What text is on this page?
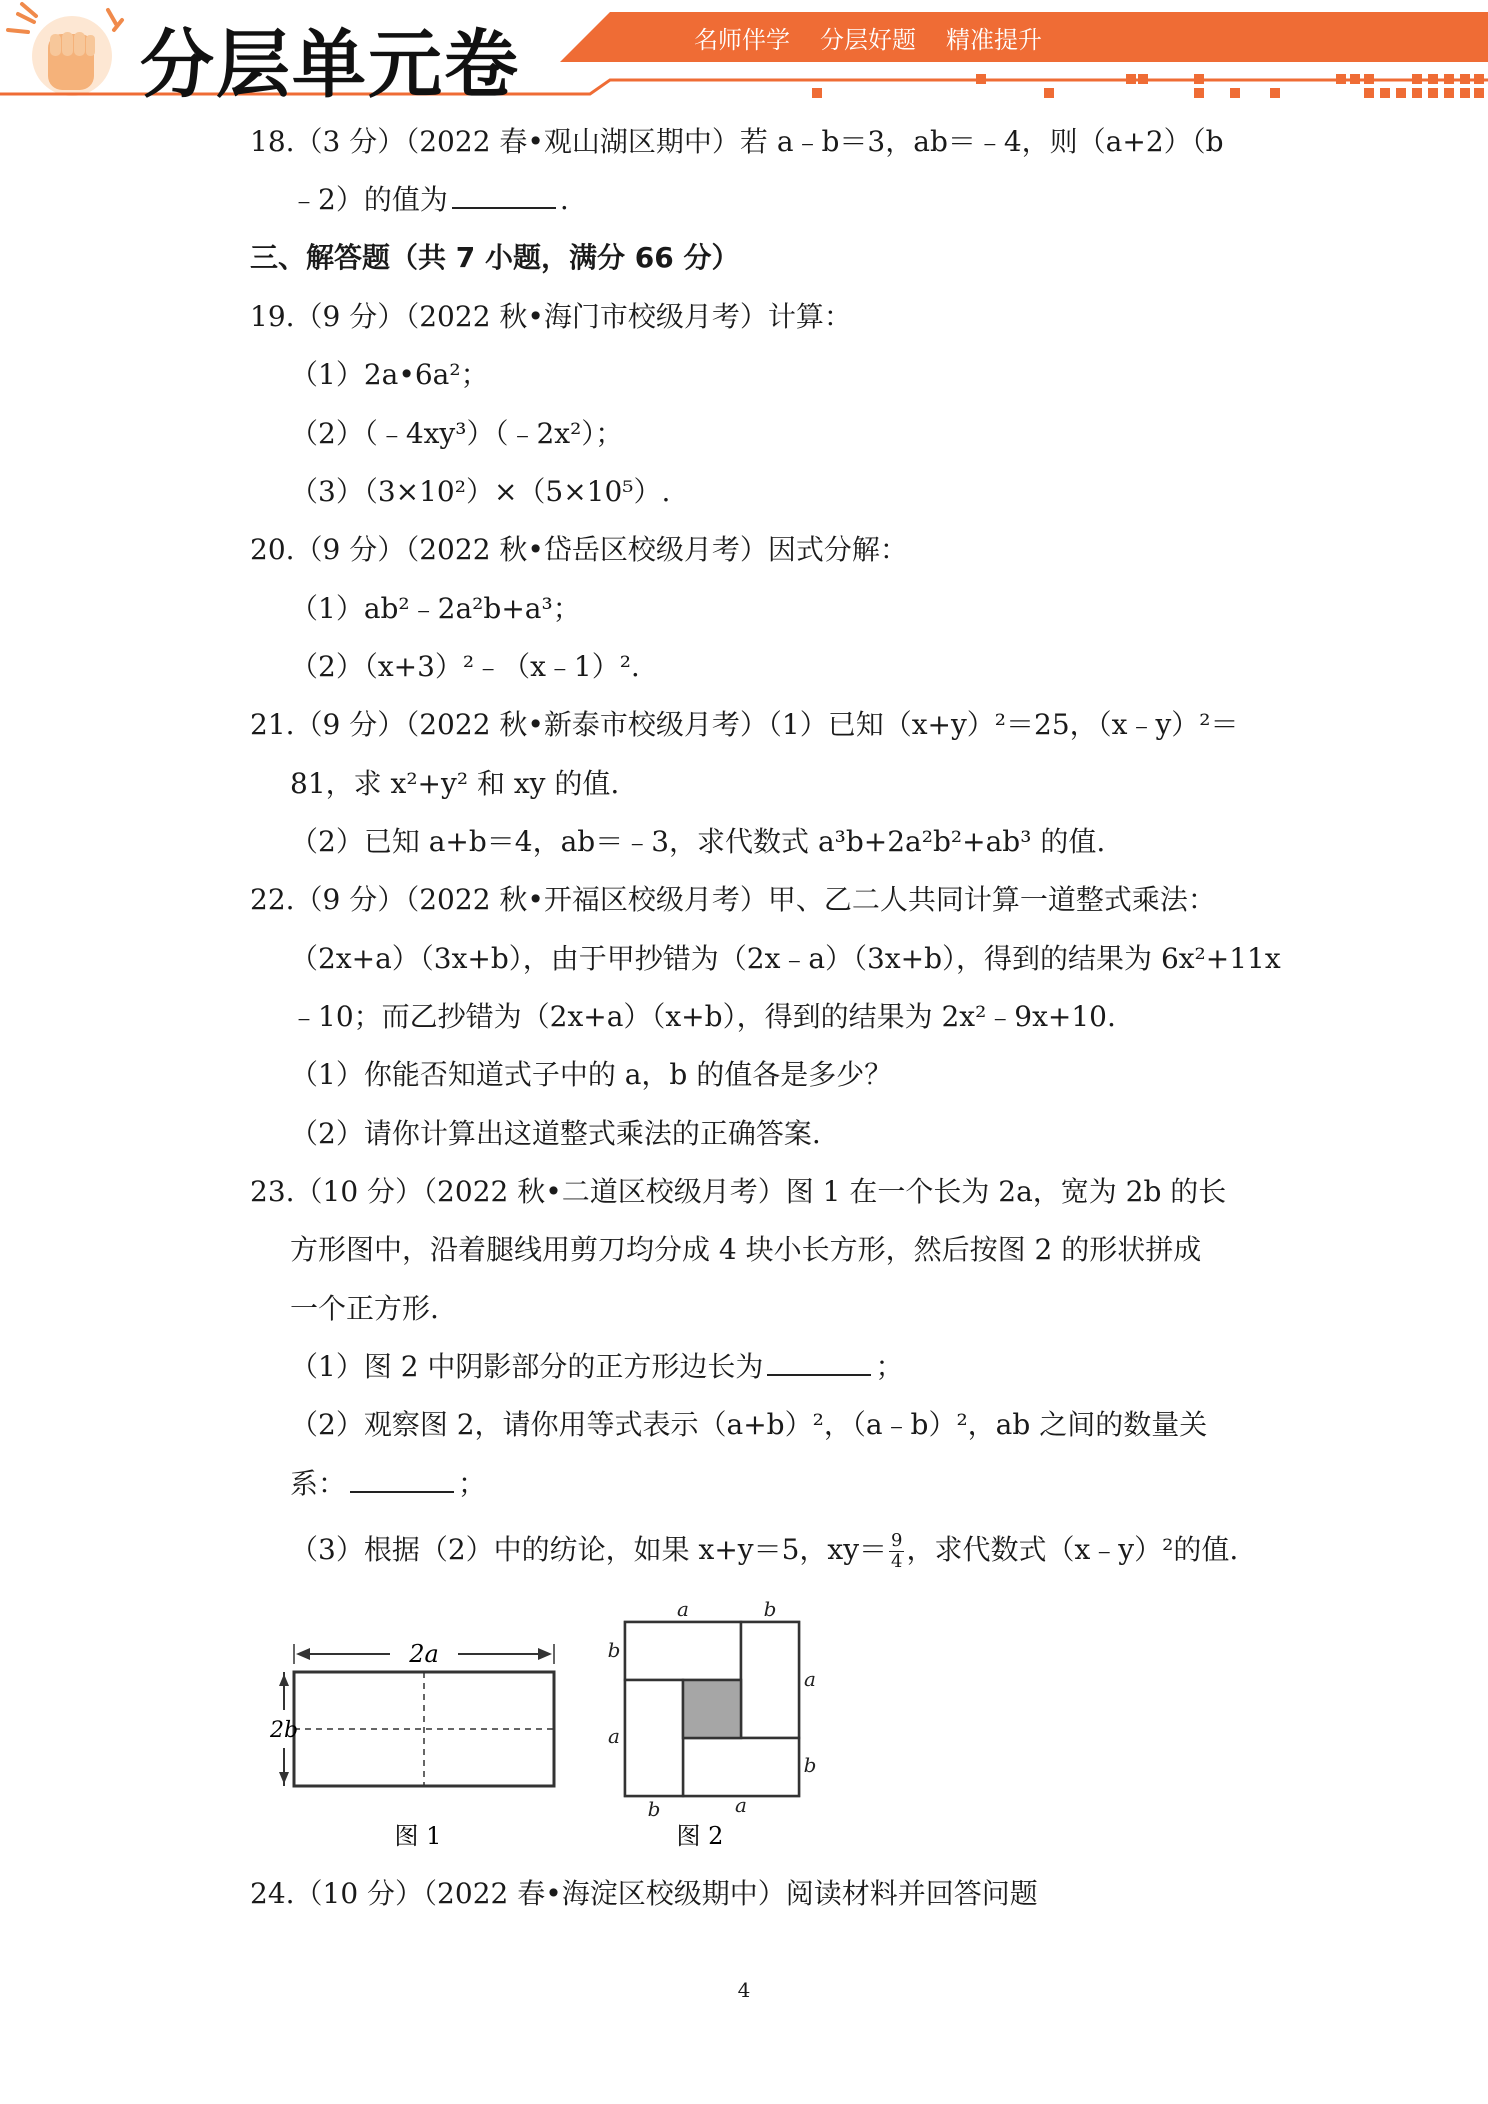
分层单元卷	名师伴学 分层好题 精准提升
18.（3 分）（2022 春•观山湖区期中）若 a﹣b＝3，ab＝﹣4，则（a+2）（b
﹣2）的值为	.
三、解答题（共 7 小题，满分 66 分）
19.（9 分）（2022 秋•海门市校级月考）计算：
（1）2a•6a²；
（2）（﹣4xy³）（﹣2x²）；
（3）（3×10²）×（5×10⁵）.
20.（9 分）（2022 秋•岱岳区校级月考）因式分解：
（1）ab²﹣2a²b+a³；
（2）（x+3）²﹣（x﹣1）².
21.（9 分）（2022 秋•新泰市校级月考）（1）已知（x+y）²＝25，（x﹣y）²＝
81，求 x²+y² 和 xy 的值.
（2）已知 a+b＝4，ab＝﹣3，求代数式 a³b+2a²b²+ab³ 的值.
22.（9 分）（2022 秋•开福区校级月考）甲、乙二人共同计算一道整式乘法：
（2x+a）（3x+b），由于甲抄错为（2x﹣a）（3x+b），得到的结果为 6x²+11x
﹣10；而乙抄错为（2x+a）（x+b），得到的结果为 2x²﹣9x+10.
（1）你能否知道式子中的 a，b 的值各是多少？
（2）请你计算出这道整式乘法的正确答案.
23.（10 分）（2022 秋•二道区校级月考）图 1 在一个长为 2a，宽为 2b 的长
方形图中，沿着腿线用剪刀均分成 4 块小长方形，然后按图 2 的形状拼成
一个正方形.
（1）图 2 中阴影部分的正方形边长为	；
（2）观察图 2，请你用等式表示（a+b）²，（a﹣b）²，ab 之间的数量关
系：	；
（3）根据（2）中的纺论，如果 x+y＝5，$xy= \frac{9}{4}$ ，求代数式（x﹣y）²的值.
2a
2b
图 1
a	b
b
a
a
b
b	a
图 2
24.（10 分）（2022 春•海淀区校级期中）阅读材料并回答问题
4
